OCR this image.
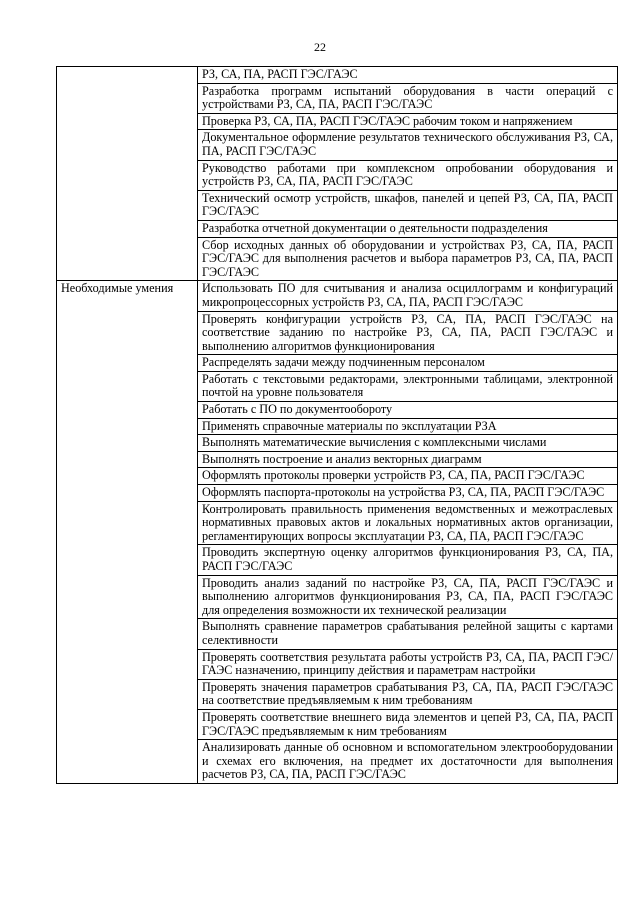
22
РЗ, СА, ПА, РАСП ГЭС/ГАЭС
Разработка программ испытаний оборудования в части операций с устройствами РЗ, СА, ПА, РАСП ГЭС/ГАЭС
Проверка РЗ, СА, ПА, РАСП ГЭС/ГАЭС рабочим током и напряжением
Документальное оформление результатов технического обслуживания РЗ, СА, ПА, РАСП ГЭС/ГАЭС
Руководство работами при комплексном опробовании оборудования и устройств РЗ, СА, ПА, РАСП ГЭС/ГАЭС
Технический осмотр устройств, шкафов, панелей и цепей РЗ, СА, ПА, РАСП ГЭС/ГАЭС
Разработка отчетной документации о деятельности подразделения
Сбор исходных данных об оборудовании и устройствах РЗ, СА, ПА, РАСП ГЭС/ГАЭС для выполнения расчетов и выбора параметров РЗ, СА, ПА, РАСП ГЭС/ГАЭС
Необходимые умения	Использовать ПО для считывания и анализа осциллограмм и конфигураций микропроцессорных устройств РЗ, СА, ПА, РАСП ГЭС/ГАЭС
Проверять конфигурации устройств РЗ, СА, ПА, РАСП ГЭС/ГАЭС на соответствие заданию по настройке РЗ, СА, ПА, РАСП ГЭС/ГАЭС и выполнению алгоритмов функционирования
Распределять задачи между подчиненным персоналом
Работать с текстовыми редакторами, электронными таблицами, электронной почтой на уровне пользователя
Работать с ПО по документообороту
Применять справочные материалы по эксплуатации РЗА
Выполнять математические вычисления с комплексными числами
Выполнять построение и анализ векторных диаграмм
Оформлять протоколы проверки устройств РЗ, СА, ПА, РАСП ГЭС/ГАЭС
Оформлять паспорта-протоколы на устройства РЗ, СА, ПА, РАСП ГЭС/ГАЭС
Контролировать правильность применения ведомственных и межотраслевых нормативных правовых актов и локальных нормативных актов организации, регламентирующих вопросы эксплуатации РЗ, СА, ПА, РАСП ГЭС/ГАЭС
Проводить экспертную оценку алгоритмов функционирования РЗ, СА, ПА, РАСП ГЭС/ГАЭС
Проводить анализ заданий по настройке РЗ, СА, ПА, РАСП ГЭС/ГАЭС и выполнению алгоритмов функционирования РЗ, СА, ПА, РАСП ГЭС/ГАЭС для определения возможности их технической реализации
Выполнять сравнение параметров срабатывания релейной защиты с картами селективности
Проверять соответствия результата работы устройств РЗ, СА, ПА, РАСП ГЭС/ГАЭС назначению, принципу действия и параметрам настройки
Проверять значения параметров срабатывания РЗ, СА, ПА, РАСП ГЭС/ГАЭС на соответствие предъявляемым к ним требованиям
Проверять соответствие внешнего вида элементов и цепей РЗ, СА, ПА, РАСП ГЭС/ГАЭС предъявляемым к ним требованиям
Анализировать данные об основном и вспомогательном электрооборудовании и схемах его включения, на предмет их достаточности для выполнения расчетов РЗ, СА, ПА, РАСП ГЭС/ГАЭС
